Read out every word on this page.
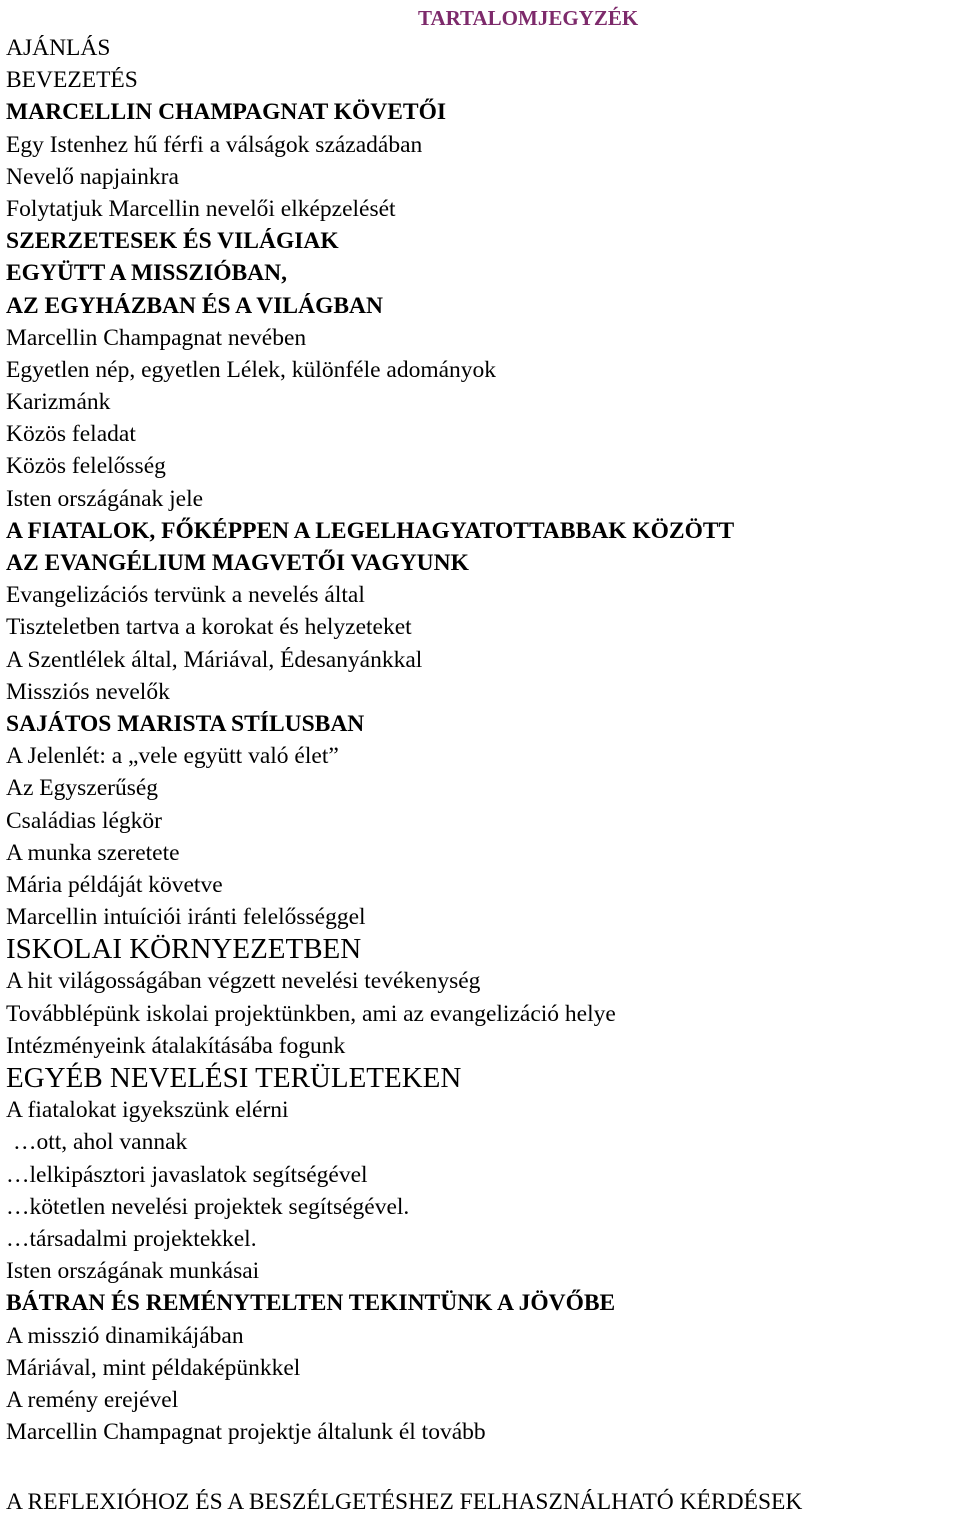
TARTALOMJEGYZÉK
AJÁNLÁS
BEVEZETÉS
MARCELLIN CHAMPAGNAT KÖVETŐI
Egy Istenhez hű férfi a válságok századában
Nevelő napjainkra
Folytatjuk Marcellin nevelői elképzelését
SZERZETESEK ÉS VILÁGIAK
EGYÜTT A MISSZIÓBAN,
AZ EGYHÁZBAN ÉS A VILÁGBAN
Marcellin Champagnat nevében
Egyetlen nép, egyetlen Lélek, különféle adományok
Karizmánk
Közös feladat
Közös felelősség
Isten országának jele
A FIATALOK, FŐKÉPPEN A LEGELHAGYATOTTABBAK KÖZÖTT
AZ EVANGÉLIUM MAGVETŐI VAGYUNK
Evangelizációs tervünk a nevelés által
Tiszteletben tartva a korokat és helyzeteket
A Szentlélek által, Máriával, Édesanyánkkal
Missziós nevelők
SAJÁTOS MARISTA STÍLUSBAN
A Jelenlét: a „vele együtt való élet”
Az Egyszerűség
Családias légkör
A munka szeretete
Mária példáját követve
Marcellin intuíciói iránti felelősséggel
ISKOLAI KÖRNYEZETBEN
A hit világosságában végzett nevelési tevékenység
Továbblépünk iskolai projektünkben, ami az evangelizáció helye
Intézményeink átalakításába fogunk
EGYÉB NEVELÉSI TERÜLETEKEN
A fiatalokat igyekszünk elérni
…ott, ahol vannak
…lelkipásztori javaslatok segítségével
…kötetlen nevelési projektek segítségével.
…társadalmi projektekkel.
Isten országának munkásai
BÁTRAN ÉS REMÉNYTELTEN TEKINTÜNK A JÖVŐBE
A misszió dinamikájában
Máriával, mint példaképünkkel
A remény erejével
Marcellin Champagnat projektje általunk él tovább
A REFLEXIÓHOZ ÉS A BESZÉLGETÉSHEZ FELHASZNÁLHATÓ KÉRDÉSEK
